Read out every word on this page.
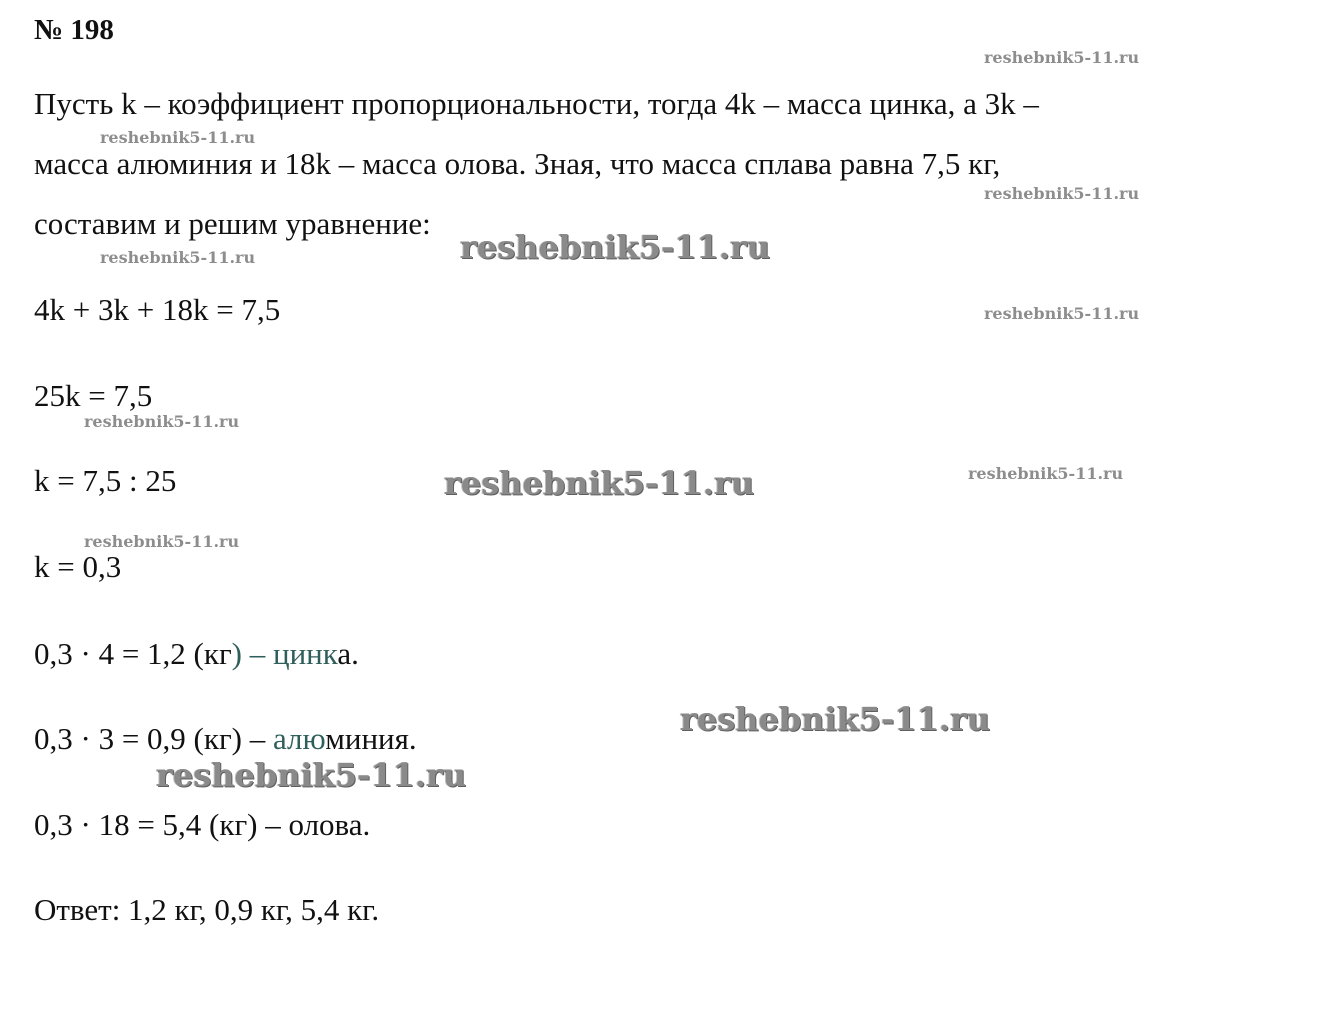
№ 198

Пусть k – коэффициент пропорциональности, тогда 4k – масса цинка, а 3k –

масса алюминия и 18k – масса олова. Зная, что масса сплава равна 7,5 кг,

составим и решим уравнение:

4k + 3k + 18k = 7,5

25k = 7,5

k = 7,5 : 25

k = 0,3

0,3 · 4 = 1,2 (кг) – цинка.

0,3 · 3 = 0,9 (кг) – алюминия.

0,3 · 18 = 5,4 (кг) – олова.

Ответ: 1,2 кг, 0,9 кг, 5,4 кг.

reshebnik5-11.ru
reshebnik5-11.ru
reshebnik5-11.ru
reshebnik5-11.ru	reshebnik5-11.ru
reshebnik5-11.ru
reshebnik5-11.ru
reshebnik5-11.ru	reshebnik5-11.ru
reshebnik5-11.ru
reshebnik5-11.ru
reshebnik5-11.ru
